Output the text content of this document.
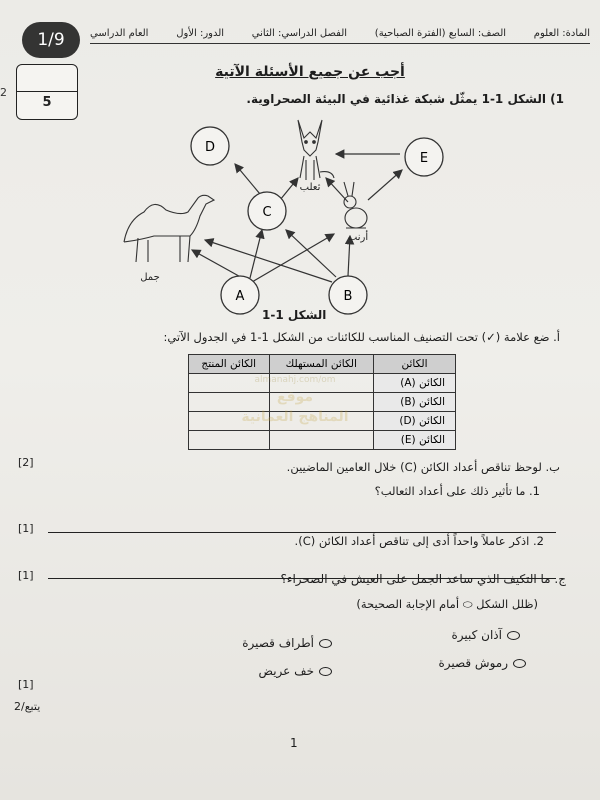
1/9	المادة: العلوم
الصف: السابع (الفترة الصباحية)
الفصل الدراسي: الثاني
الدور: الأول
العام الدراسي
2
5
أجب عن جميع الأسئلة الآتية
1) الشكل 1-1 يمثّل شبكة غذائية في البيئة الصحراوية.
D
C
E
A	B
ثعلب
أرنب
جمل
الشكل 1-1
أ. ضع علامة (✓) تحت التصنيف المناسب للكائنات من الشكل 1-1 في الجدول الآتي:
الكائن	الكائن المستهلك	الكائن المنتج
الكائن (A)		
الكائن (B)		
الكائن (D)		
الكائن (E)		
almanahj.com/om
موقع
المناهج العمانية
[2]	ب. لوحظ تناقص أعداد الكائن (C) خلال العامين الماضيين.
1. ما تأثير ذلك على أعداد الثعالب؟
[1]
2. اذكر عاملاً واحداً أدى إلى تناقص أعداد الكائن (C).
[1]	ج. ما التكيف الذي ساعد الجمل على العيش في الصحراء؟
(ظلل الشكل ⬭ أمام الإجابة الصحيحة)
آذان كبيرة
أطراف قصيرة
رموش قصيرة
خف عريض
[1]
يتبع/2
1
